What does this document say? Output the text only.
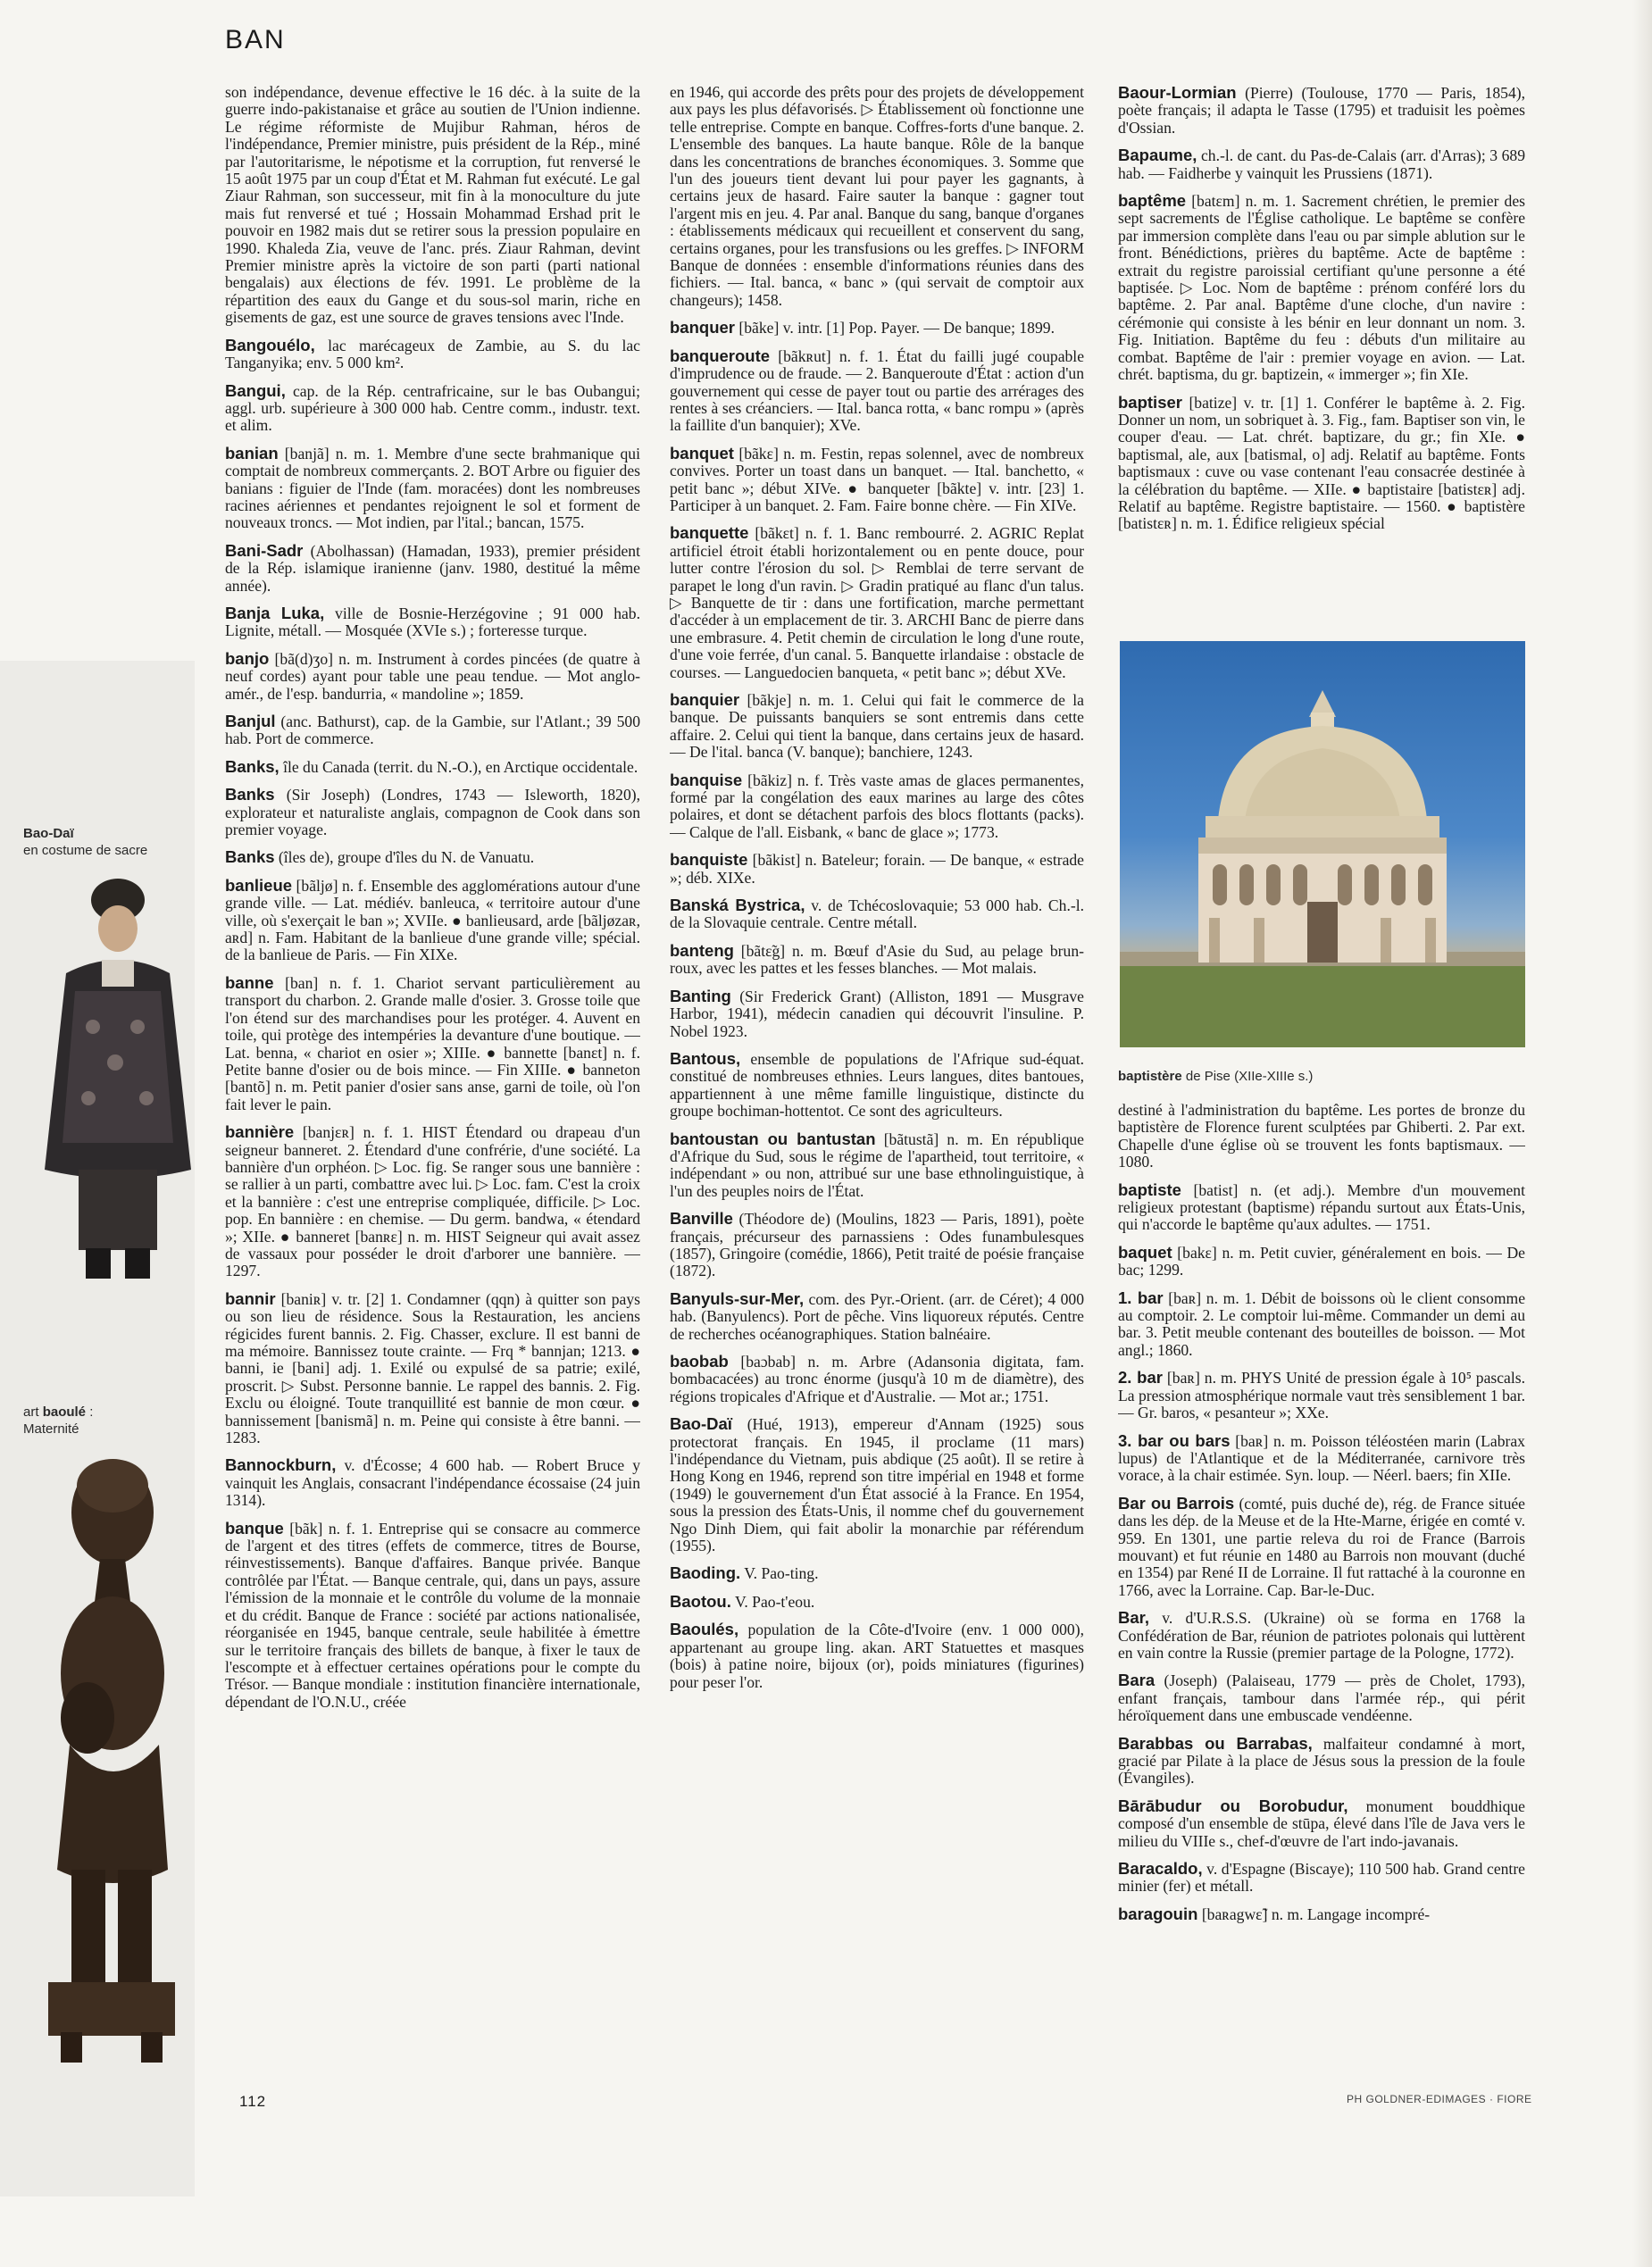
BAN
son indépendance, devenue effective le 16 déc. à la suite de la guerre indo-pakistanaise et grâce au soutien de l'Union indienne. Le régime réformiste de Mujibur Rahman, héros de l'indépendance, Premier ministre, puis président de la Rép., miné par l'autoritarisme, le népotisme et la corruption, fut renversé le 15 août 1975 par un coup d'État et M. Rahman fut exécuté. Le gal Ziaur Rahman, son successeur, mit fin à la monoculture du jute mais fut renversé et tué ; Hossain Mohammad Ershad prit le pouvoir en 1982 mais dut se retirer sous la pression populaire en 1990. Khaleda Zia, veuve de l'anc. prés. Ziaur Rahman, devint Premier ministre après la victoire de son parti (parti national bengalais) aux élections de fév. 1991. Le problème de la répartition des eaux du Gange et du sous-sol marin, riche en gisements de gaz, est une source de graves tensions avec l'Inde.
Bangouélo, lac marécageux de Zambie, au S. du lac Tanganyika; env. 5 000 km².
Bangui, cap. de la Rép. centrafricaine, sur le bas Oubangui; aggl. urb. supérieure à 300 000 hab. Centre comm., industr. text. et alim.
banian [banjã] n. m. 1. Membre d'une secte brahmanique qui comptait de nombreux commerçants. 2. BOT Arbre ou figuier des banians : figuier de l'Inde (fam. moracées) dont les nombreuses racines aériennes et pendantes rejoignent le sol et forment de nouveaux troncs. — Mot indien, par l'ital.; bancan, 1575.
Bani-Sadr (Abolhassan) (Hamadan, 1933), premier président de la Rép. islamique iranienne (janv. 1980, destitué la même année).
Banja Luka, ville de Bosnie-Herzégovine ; 91 000 hab. Lignite, métall. — Mosquée (XVIe s.) ; forteresse turque.
banjo [bã(d)ʒo] n. m. Instrument à cordes pincées (de quatre à neuf cordes) ayant pour table une peau tendue. — Mot anglo-amér., de l'esp. bandurria, « mandoline »; 1859.
Banjul (anc. Bathurst), cap. de la Gambie, sur l'Atlant.; 39 500 hab. Port de commerce.
Banks, île du Canada (territ. du N.-O.), en Arctique occidentale.
Banks (Sir Joseph) (Londres, 1743 — Isleworth, 1820), explorateur et naturaliste anglais, compagnon de Cook dans son premier voyage.
Banks (îles de), groupe d'îles du N. de Vanuatu.
banlieue [bãljø] n. f. Ensemble des agglomérations autour d'une grande ville. — Lat. médiév. banleuca, « territoire autour d'une ville, où s'exerçait le ban »; XVIIe. ● banlieusard, arde [bãljøzaʀ, aʀd] n. Fam. Habitant de la banlieue d'une grande ville; spécial. de la banlieue de Paris. — Fin XIXe.
banne [ban] n. f. 1. Chariot servant particulièrement au transport du charbon. 2. Grande malle d'osier. 3. Grosse toile que l'on étend sur des marchandises pour les protéger. 4. Auvent en toile, qui protège des intempéries la devanture d'une boutique. — Lat. benna, « chariot en osier »; XIIIe. ● bannette [banɛt] n. f. Petite banne d'osier ou de bois mince. — Fin XIIIe. ● banneton [bantõ] n. m. Petit panier d'osier sans anse, garni de toile, où l'on fait lever le pain.
bannière [banjɛʀ] n. f. 1. HIST Étendard ou drapeau d'un seigneur banneret. 2. Étendard d'une confrérie, d'une société. La bannière d'un orphéon. ▷ Loc. fig. Se ranger sous une bannière : se rallier à un parti, combattre avec lui. ▷ Loc. fam. C'est la croix et la bannière : c'est une entreprise compliquée, difficile. ▷ Loc. pop. En bannière : en chemise. — Du germ. bandwa, « étendard »; XIIe. ● banneret [banʀɛ] n. m. HIST Seigneur qui avait assez de vassaux pour posséder le droit d'arborer une bannière. — 1297.
bannir [baniʀ] v. tr. [2] 1. Condamner (qqn) à quitter son pays ou son lieu de résidence. Sous la Restauration, les anciens régicides furent bannis. 2. Fig. Chasser, exclure. Il est banni de ma mémoire. Bannissez toute crainte. — Frq * bannjan; 1213. ● banni, ie [bani] adj. 1. Exilé ou expulsé de sa patrie; exilé, proscrit. ▷ Subst. Personne bannie. Le rappel des bannis. 2. Fig. Exclu ou éloigné. Toute tranquillité est bannie de mon cœur. ● bannissement [banismã] n. m. Peine qui consiste à être banni. — 1283.
Bannockburn, v. d'Écosse; 4 600 hab. — Robert Bruce y vainquit les Anglais, consacrant l'indépendance écossaise (24 juin 1314).
banque [bãk] n. f. 1. Entreprise qui se consacre au commerce de l'argent et des titres (effets de commerce, titres de Bourse, réinvestissements). Banque d'affaires. Banque privée. Banque contrôlée par l'État. — Banque centrale, qui, dans un pays, assure l'émission de la monnaie et le contrôle du volume de la monnaie et du crédit. Banque de France : société par actions nationalisée, réorganisée en 1945, banque centrale, seule habilitée à émettre sur le territoire français des billets de banque, à fixer le taux de l'escompte et à effectuer certaines opérations pour le compte du Trésor. — Banque mondiale : institution financière internationale, dépendant de l'O.N.U., créée
en 1946, qui accorde des prêts pour des projets de développement aux pays les plus défavorisés. ▷ Établissement où fonctionne une telle entreprise. Compte en banque. Coffres-forts d'une banque. 2. L'ensemble des banques. La haute banque. Rôle de la banque dans les concentrations de branches économiques. 3. Somme que l'un des joueurs tient devant lui pour payer les gagnants, à certains jeux de hasard. Faire sauter la banque : gagner tout l'argent mis en jeu. 4. Par anal. Banque du sang, banque d'organes : établissements médicaux qui recueillent et conservent du sang, certains organes, pour les transfusions ou les greffes. ▷ INFORM Banque de données : ensemble d'informations réunies dans des fichiers. — Ital. banca, « banc » (qui servait de comptoir aux changeurs); 1458.
banquer [bãke] v. intr. [1] Pop. Payer. — De banque; 1899.
banqueroute [bãkʀut] n. f. 1. État du failli jugé coupable d'imprudence ou de fraude. — 2. Banqueroute d'État : action d'un gouvernement qui cesse de payer tout ou partie des arrérages des rentes à ses créanciers. — Ital. banca rotta, « banc rompu » (après la faillite d'un banquier); XVe.
banquet [bãkɛ] n. m. Festin, repas solennel, avec de nombreux convives. Porter un toast dans un banquet. — Ital. banchetto, « petit banc »; début XIVe. ● banqueter [bãkte] v. intr. [23] 1. Participer à un banquet. 2. Fam. Faire bonne chère. — Fin XIVe.
banquette [bãkɛt] n. f. 1. Banc rembourré. 2. AGRIC Replat artificiel étroit établi horizontalement ou en pente douce, pour lutter contre l'érosion du sol. ▷ Remblai de terre servant de parapet le long d'un ravin. ▷ Gradin pratiqué au flanc d'un talus. ▷ Banquette de tir : dans une fortification, marche permettant d'accéder à un emplacement de tir. 3. ARCHI Banc de pierre dans une embrasure. 4. Petit chemin de circulation le long d'une route, d'une voie ferrée, d'un canal. 5. Banquette irlandaise : obstacle de courses. — Languedocien banqueta, « petit banc »; début XVe.
banquier [bãkje] n. m. 1. Celui qui fait le commerce de la banque. De puissants banquiers se sont entremis dans cette affaire. 2. Celui qui tient la banque, dans certains jeux de hasard. — De l'ital. banca (V. banque); banchiere, 1243.
banquise [bãkiz] n. f. Très vaste amas de glaces permanentes, formé par la congélation des eaux marines au large des côtes polaires, et dont se détachent parfois des blocs flottants (packs). — Calque de l'all. Eisbank, « banc de glace »; 1773.
banquiste [bãkist] n. Bateleur; forain. — De banque, « estrade »; déb. XIXe.
Banská Bystrica, v. de Tchécoslovaquie; 53 000 hab. Ch.-l. de la Slovaquie centrale. Centre métall.
banteng [bãtɛ̃g] n. m. Bœuf d'Asie du Sud, au pelage brun-roux, avec les pattes et les fesses blanches. — Mot malais.
Banting (Sir Frederick Grant) (Alliston, 1891 — Musgrave Harbor, 1941), médecin canadien qui découvrit l'insuline. P. Nobel 1923.
Bantous, ensemble de populations de l'Afrique sud-équat. constitué de nombreuses ethnies. Leurs langues, dites bantoues, appartiennent à une même famille linguistique, distincte du groupe bochiman-hottentot. Ce sont des agriculteurs.
bantoustan ou bantustan [bãtustã] n. m. En république d'Afrique du Sud, sous le régime de l'apartheid, tout territoire, « indépendant » ou non, attribué sur une base ethnolinguistique, à l'un des peuples noirs de l'État.
Banville (Théodore de) (Moulins, 1823 — Paris, 1891), poète français, précurseur des parnassiens : Odes funambulesques (1857), Gringoire (comédie, 1866), Petit traité de poésie française (1872).
Banyuls-sur-Mer, com. des Pyr.-Orient. (arr. de Céret); 4 000 hab. (Banyulencs). Port de pêche. Vins liquoreux réputés. Centre de recherches océanographiques. Station balnéaire.
baobab [baɔbab] n. m. Arbre (Adansonia digitata, fam. bombacacées) au tronc énorme (jusqu'à 10 m de diamètre), des régions tropicales d'Afrique et d'Australie. — Mot ar.; 1751.
Bao-Daï (Hué, 1913), empereur d'Annam (1925) sous protectorat français. En 1945, il proclame (11 mars) l'indépendance du Vietnam, puis abdique (25 août). Il se retire à Hong Kong en 1946, reprend son titre impérial en 1948 et forme (1949) le gouvernement d'un État associé à la France. En 1954, sous la pression des États-Unis, il nomme chef du gouvernement Ngo Dinh Diem, qui fait abolir la monarchie par référendum (1955).
Baoding. V. Pao-ting.
Baotou. V. Pao-t'eou.
Baoulés, population de la Côte-d'Ivoire (env. 1 000 000), appartenant au groupe ling. akan. ART Statuettes et masques (bois) à patine noire, bijoux (or), poids miniatures (figurines) pour peser l'or.
Baour-Lormian (Pierre) (Toulouse, 1770 — Paris, 1854), poète français; il adapta le Tasse (1795) et traduisit les poèmes d'Ossian.
Bapaume, ch.-l. de cant. du Pas-de-Calais (arr. d'Arras); 3 689 hab. — Faidherbe y vainquit les Prussiens (1871).
baptême [batɛm] n. m. 1. Sacrement chrétien, le premier des sept sacrements de l'Église catholique. Le baptême se confère par immersion complète dans l'eau ou par simple ablution sur le front. Bénédictions, prières du baptême. Acte de baptême : extrait du registre paroissial certifiant qu'une personne a été baptisée. ▷ Loc. Nom de baptême : prénom conféré lors du baptême. 2. Par anal. Baptême d'une cloche, d'un navire : cérémonie qui consiste à les bénir en leur donnant un nom. 3. Fig. Initiation. Baptême du feu : débuts d'un militaire au combat. Baptême de l'air : premier voyage en avion. — Lat. chrét. baptisma, du gr. baptizein, « immerger »; fin XIe.
baptiser [batize] v. tr. [1] 1. Conférer le baptême à. 2. Fig. Donner un nom, un sobriquet à. 3. Fig., fam. Baptiser son vin, le couper d'eau. — Lat. chrét. baptizare, du gr.; fin XIe. ● baptismal, ale, aux [batismal, o] adj. Relatif au baptême. Fonts baptismaux : cuve ou vase contenant l'eau consacrée destinée à la célébration du baptême. — XIIe. ● baptistaire [batistɛʀ] adj. Relatif au baptême. Registre baptistaire. — 1560. ● baptistère [batistɛʀ] n. m. 1. Édifice religieux spécial
baptistère de Pise (XIIe-XIIIe s.)
destiné à l'administration du baptême. Les portes de bronze du baptistère de Florence furent sculptées par Ghiberti. 2. Par ext. Chapelle d'une église où se trouvent les fonts baptismaux. — 1080.
baptiste [batist] n. (et adj.). Membre d'un mouvement religieux protestant (baptisme) répandu surtout aux États-Unis, qui n'accorde le baptême qu'aux adultes. — 1751.
baquet [bakɛ] n. m. Petit cuvier, généralement en bois. — De bac; 1299.
1. bar [baʀ] n. m. 1. Débit de boissons où le client consomme au comptoir. 2. Le comptoir lui-même. Commander un demi au bar. 3. Petit meuble contenant des bouteilles de boisson. — Mot angl.; 1860.
2. bar [baʀ] n. m. PHYS Unité de pression égale à 10⁵ pascals. La pression atmosphérique normale vaut très sensiblement 1 bar. — Gr. baros, « pesanteur »; XXe.
3. bar ou bars [baʀ] n. m. Poisson téléostéen marin (Labrax lupus) de l'Atlantique et de la Méditerranée, carnivore très vorace, à la chair estimée. Syn. loup. — Néerl. baers; fin XIIe.
Bar ou Barrois (comté, puis duché de), rég. de France située dans les dép. de la Meuse et de la Hte-Marne, érigée en comté v. 959. En 1301, une partie releva du roi de France (Barrois mouvant) et fut réunie en 1480 au Barrois non mouvant (duché en 1354) par René II de Lorraine. Il fut rattaché à la couronne en 1766, avec la Lorraine. Cap. Bar-le-Duc.
Bar, v. d'U.R.S.S. (Ukraine) où se forma en 1768 la Confédération de Bar, réunion de patriotes polonais qui luttèrent en vain contre la Russie (premier partage de la Pologne, 1772).
Bara (Joseph) (Palaiseau, 1779 — près de Cholet, 1793), enfant français, tambour dans l'armée rép., qui périt héroïquement dans une embuscade vendéenne.
Barabbas ou Barrabas, malfaiteur condamné à mort, gracié par Pilate à la place de Jésus sous la pression de la foule (Évangiles).
Bārābudur ou Borobudur, monument bouddhique composé d'un ensemble de stūpa, élevé dans l'île de Java vers le milieu du VIIIe s., chef-d'œuvre de l'art indo-javanais.
Baracaldo, v. d'Espagne (Biscaye); 110 500 hab. Grand centre minier (fer) et métall.
baragouin [baʀagwɛ̃] n. m. Langage incompré-
Bao-Daï
en costume de sacre
art baoulé :
Maternité
112	PH GOLDNER-EDIMAGES · FIORE
